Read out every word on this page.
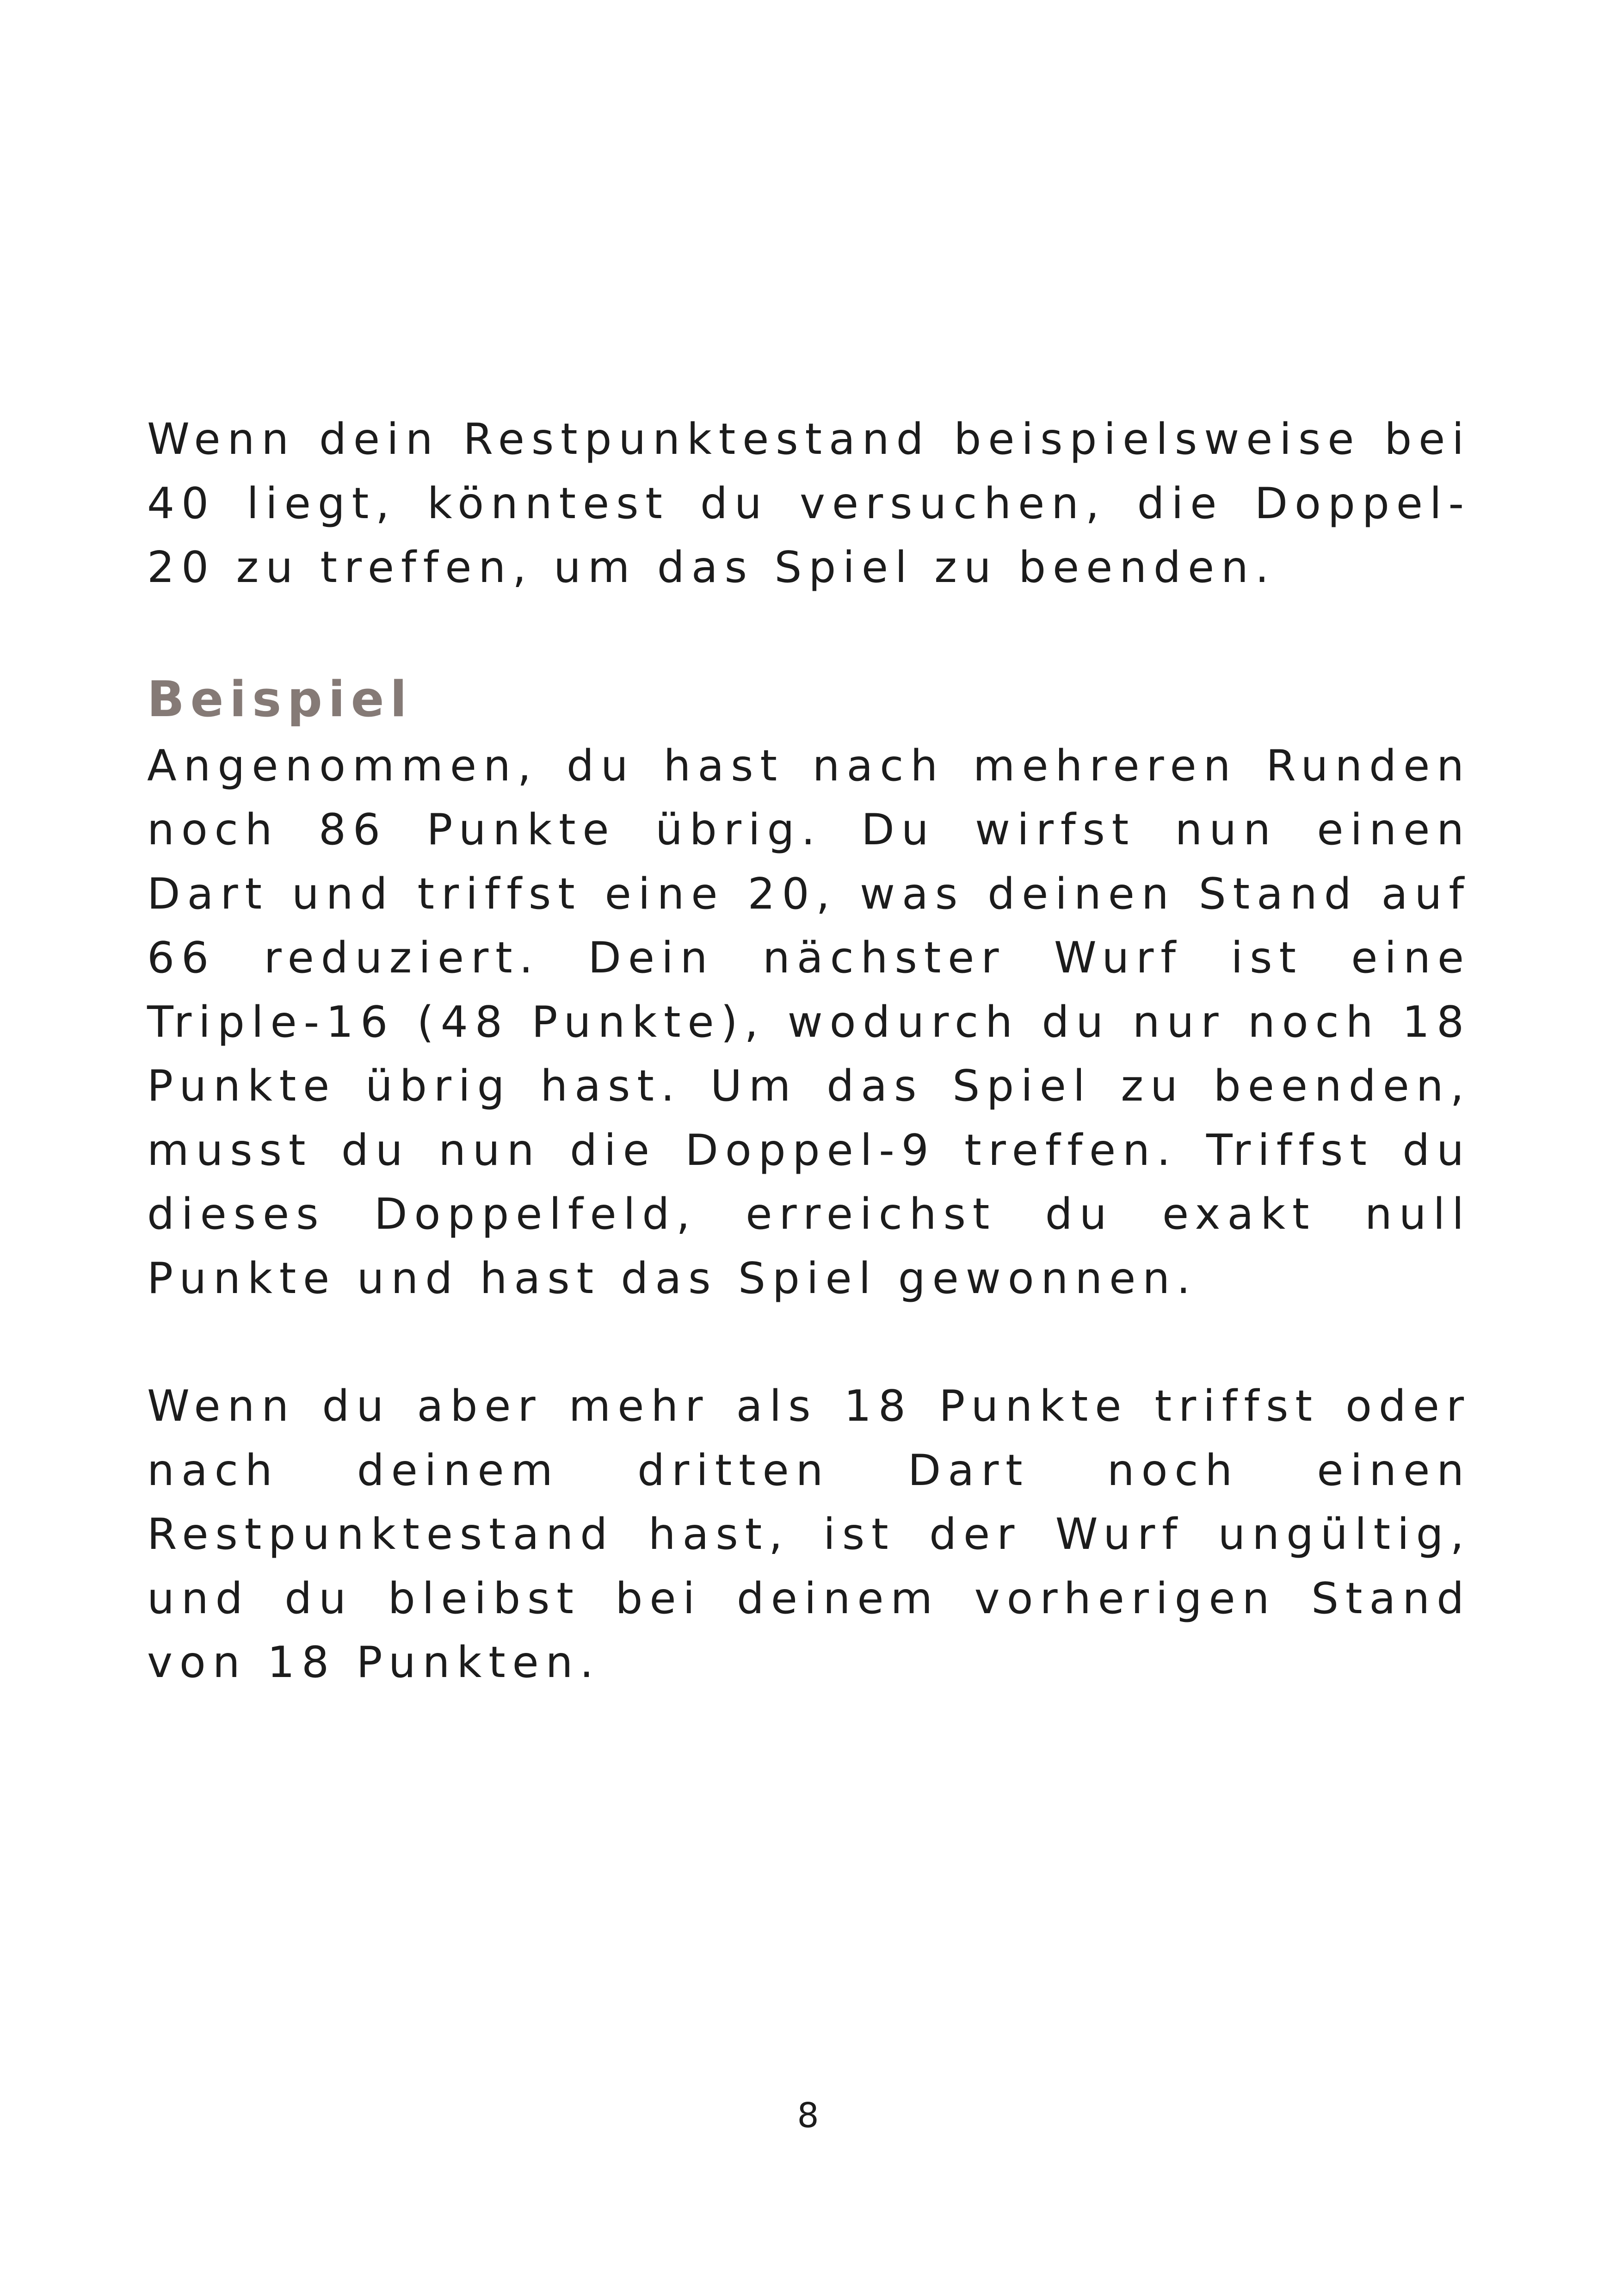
Wenn dein Restpunktestand beispielsweise bei 40 liegt, könntest du versuchen, die Doppel-20 zu treffen, um das Spiel zu beenden.

Beispiel

Angenommen, du hast nach mehreren Runden noch 86 Punkte übrig. Du wirfst nun einen Dart und triffst eine 20, was deinen Stand auf 66 reduziert. Dein nächster Wurf ist eine Triple-16 (48 Punkte), wodurch du nur noch 18 Punkte übrig hast. Um das Spiel zu beenden, musst du nun die Doppel-9 treffen. Triffst du dieses Doppelfeld, erreichst du exakt null Punkte und hast das Spiel gewonnen.

Wenn du aber mehr als 18 Punkte triffst oder nach deinem dritten Dart noch einen Restpunktestand hast, ist der Wurf ungültig, und du bleibst bei deinem vorherigen Stand von 18 Punkten.

8
